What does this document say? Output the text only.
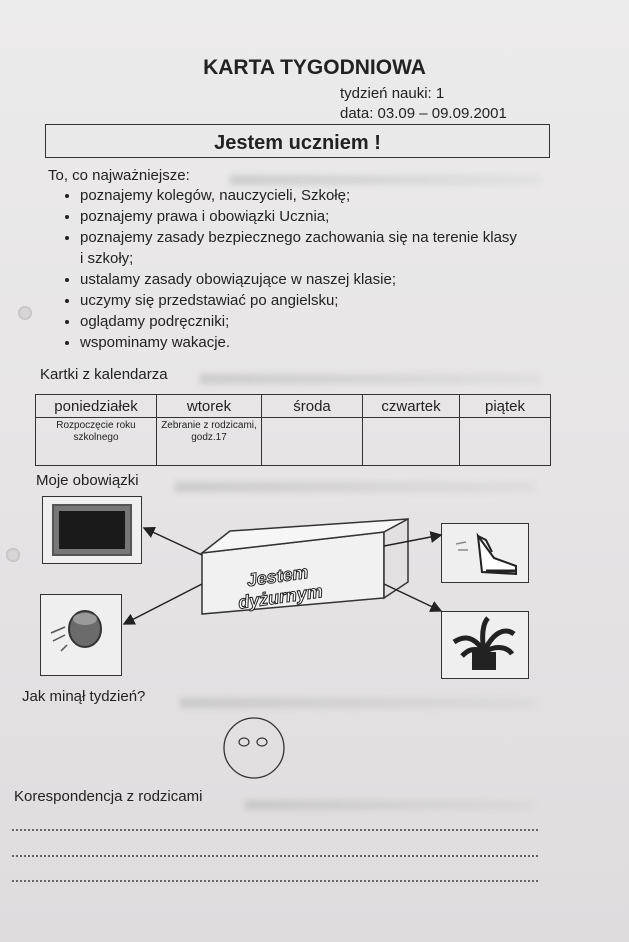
KARTA TYGODNIOWA
tydzień nauki: 1
data: 03.09 – 09.09.2001
Jestem uczniem !
To, co najważniejsze:
• poznajemy kolegów, nauczycieli, Szkołę;
• poznajemy prawa i obowiązki Ucznia;
• poznajemy zasady bezpiecznego zachowania się na terenie klasy i szkoły;
• ustalamy zasady obowiązujące w naszej klasie;
• uczymy się przedstawiać po angielsku;
• oglądamy podręczniki;
• wspominamy wakacje.
Kartki z kalendarza
poniedziałek	wtorek	środa	czwartek	piątek
Rozpoczęcie roku szkolnego	Zebranie z rodzicami, godz.17			
Moje obowiązki
Jestem dyżurnym
Jak minął tydzień?
Korespondencja z rodzicami
